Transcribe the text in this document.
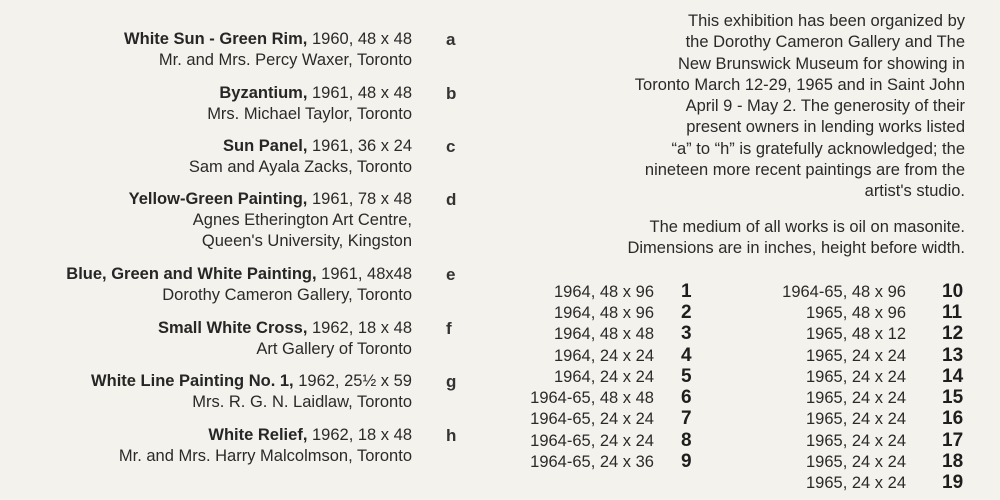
White Sun - Green Rim, 1960, 48 x 48
Mr. and Mrs. Percy Waxer, Toronto
a
Byzantium, 1961, 48 x 48
Mrs. Michael Taylor, Toronto
b
Sun Panel, 1961, 36 x 24
Sam and Ayala Zacks, Toronto
c
Yellow-Green Painting, 1961, 78 x 48
Agnes Etherington Art Centre,
Queen's University, Kingston
d
Blue, Green and White Painting, 1961, 48x48
Dorothy Cameron Gallery, Toronto
e
Small White Cross, 1962, 18 x 48
Art Gallery of Toronto
f
White Line Painting No. 1, 1962, 25½ x 59
Mrs. R. G. N. Laidlaw, Toronto
g
White Relief, 1962, 18 x 48
Mr. and Mrs. Harry Malcolmson, Toronto
h
This exhibition has been organized by
the Dorothy Cameron Gallery and The
New Brunswick Museum for showing in
Toronto March 12-29, 1965 and in Saint John
April 9 - May 2. The generosity of their
present owners in lending works listed
“a” to “h” is gratefully acknowledged; the
nineteen more recent paintings are from the
artist's studio.
The medium of all works is oil on masonite.
Dimensions are in inches, height before width.
1964, 48 x 96 1
1964, 48 x 96 2
1964, 48 x 48 3
1964, 24 x 24 4
1964, 24 x 24 5
1964-65, 48 x 48 6
1964-65, 24 x 24 7
1964-65, 24 x 24 8
1964-65, 24 x 36 9
1964-65, 48 x 96 10
1965, 48 x 96 11
1965, 48 x 12 12
1965, 24 x 24 13
1965, 24 x 24 14
1965, 24 x 24 15
1965, 24 x 24 16
1965, 24 x 24 17
1965, 24 x 24 18
1965, 24 x 24 19
